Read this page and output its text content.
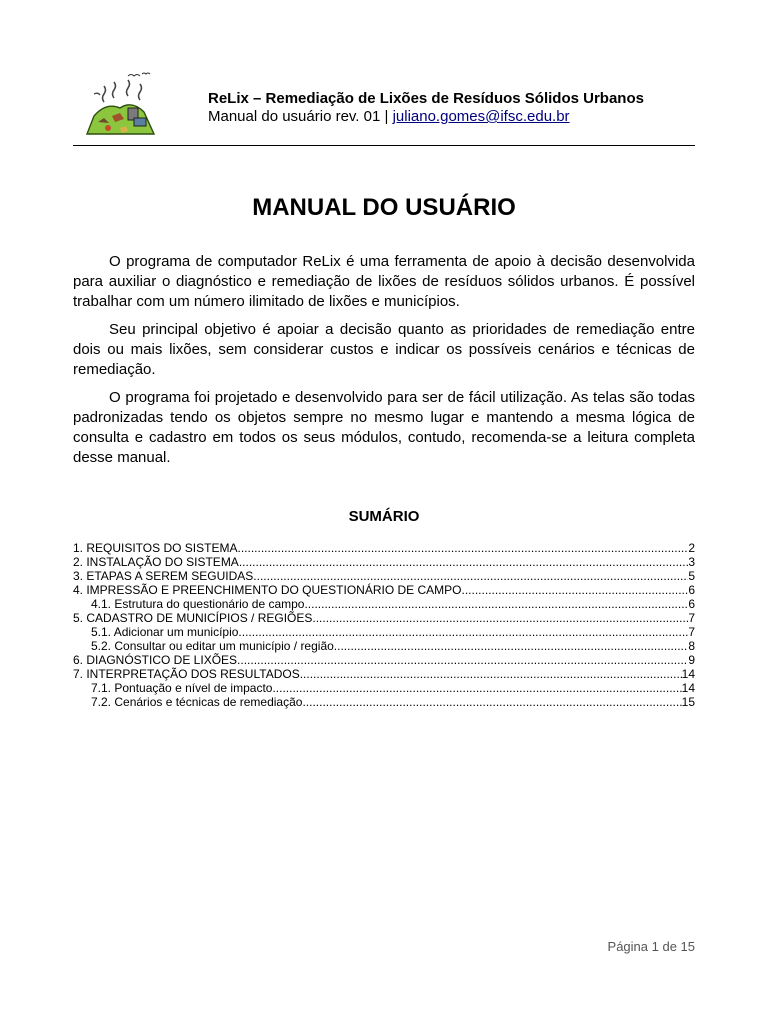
ReLix – Remediação de Lixões de Resíduos Sólidos Urbanos
Manual do usuário rev. 01 | juliano.gomes@ifsc.edu.br
MANUAL DO USUÁRIO

O programa de computador ReLix é uma ferramenta de apoio à decisão desenvolvida para auxiliar o diagnóstico e remediação de lixões de resíduos sólidos urbanos. É possível trabalhar com um número ilimitado de lixões e municípios.

Seu principal objetivo é apoiar a decisão quanto as prioridades de remediação entre dois ou mais lixões, sem considerar custos e indicar os possíveis cenários e técnicas de remediação.

O programa foi projetado e desenvolvido para ser de fácil utilização. As telas são todas padronizadas tendo os objetos sempre no mesmo lugar e mantendo a mesma lógica de consulta e cadastro em todos os seus módulos, contudo, recomenda-se a leitura completa desse manual.

SUMÁRIO
1. REQUISITOS DO SISTEMA .....	2
2. INSTALAÇÃO DO SISTEMA .....	3
3. ETAPAS A SEREM SEGUIDAS .....	5
4. IMPRESSÃO E PREENCHIMENTO DO QUESTIONÁRIO DE CAMPO .....	6
4.1. Estrutura do questionário de campo .....	6
5. CADASTRO DE MUNICÍPIOS / REGIÕES .....	7
5.1. Adicionar um município .....	7
5.2. Consultar ou editar um município / região .....	8
6. DIAGNÓSTICO DE LIXÕES .....	9
7. INTERPRETAÇÃO DOS RESULTADOS .....	14
7.1. Pontuação e nível de impacto .....	14
7.2. Cenários e técnicas de remediação .....	15
Página 1 de 15
